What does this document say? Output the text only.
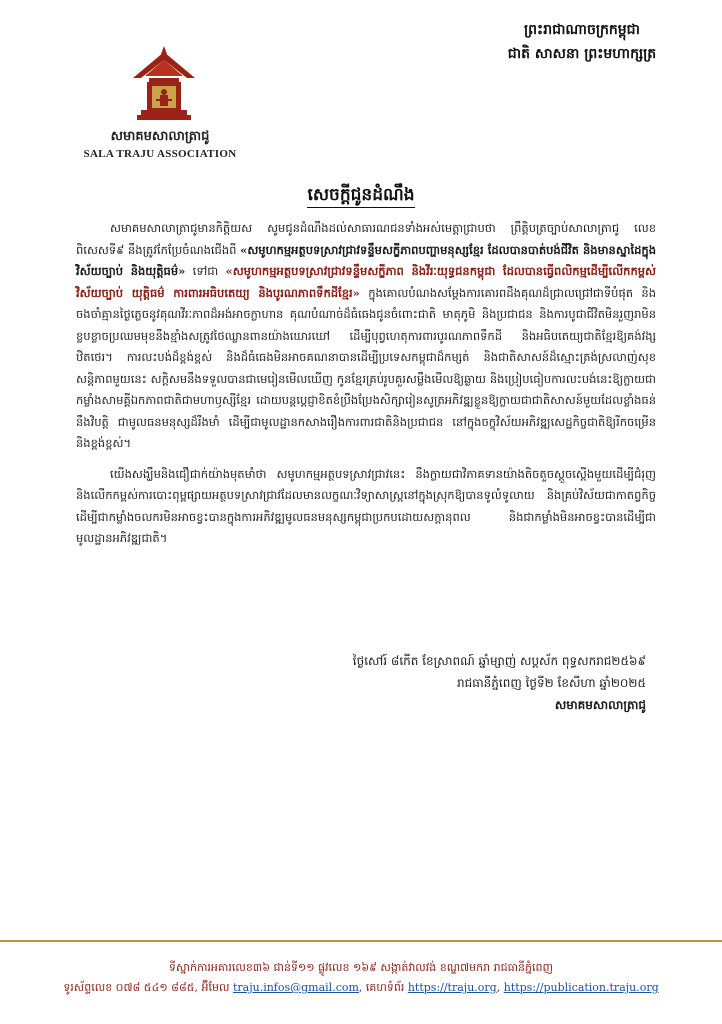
សមាគមសាលាត្រាជូ
SALA TRAJU ASSOCIATION
ព្រះរាជាណាចក្រកម្ពុជា
ជាតិ សាសនា ព្រះមហាក្សត្រ
សេចក្តីជូនដំណឹង

សមាគមសាលាត្រាជូមានកិត្តិយស សូមជូនដំណឹងដល់សាធារណជនទាំងអស់មេត្តាជ្រាបថា ព្រឹត្តិបត្រច្បាប់សាលាត្រាជូ លេខពិសេសទី៩ នឹងត្រូវកែប្រែចំណងជើងពី «សមូហកម្មអត្ថបទស្រាវជ្រាវទន្ទឹមសក្ខីភាពបញ្ហាមនុស្សខ្មែរ ដែលបានបាត់បង់ជីវិត និងមានស្នាដៃក្នុងវិស័យច្បាប់ និងយុត្តិធម៌» ទៅជា «សមូហកម្មអត្ថបទស្រាវជ្រាវទន្ទឹមសក្ខីភាព និងវីរៈយុទ្ធជនកម្ពុជា ដែលបានធ្វើពលិកម្មដើម្បីលើកកម្ពស់វិស័យច្បាប់ យុត្តិធម៌ ការពារអធិបតេយ្យ និងបូរណភាពទឹកដីខ្មែរ» ក្នុងគោលបំណងសម្តែងការគោរពដឹងគុណដ៏ជ្រាលជ្រៅជាទីបំផុត និងចងចាំគ្មានថ្ងៃភ្លេចនូវគុណវីរៈភាពដ៏អង់អាចក្លាហាន គុណបំណាច់ដ៏ធំធេងជូនចំពោះជាតិ មាតុភូមិ និងប្រជាជន និងការបូជាជីវិតមិនរួញរាមិនខ្លបខ្លាចប្រឈមមុខនឹងខ្មាំងសត្រូវថៃឈ្លានពានយ៉ាងឃោរឃៅ ដើម្បីបុព្វហេតុការពារបូរណភាពទឹកដី និងអធិបតេយ្យជាតិខ្មែរឱ្យគង់វង្សឋិតថេរ។ ការលះបង់ដ៏ខ្ពង់ខ្ពស់ និងដ៏ធំធេងមិនអាចគណនាបានដើម្បីប្រទេសកម្ពុជាដ៏កម្សត់ និងជាតិសាសន៍ដ៏ស្មោះត្រង់ស្រលាញ់សុខសន្តិភាពមួយនេះ សក្តិសមនឹងទទួលបានជាមេរៀនមើលឃើញ កូនខ្មែរគ្រប់រូបគួរសម្លឹងមើលឱ្យឆ្ងាយ និងប្រៀបធៀបការលះបង់នេះឱ្យក្លាយជាកម្លាំងសាមគ្គីឯកភាពជាតិជាមហាឫស្សីខ្មែរ ដោយបន្តប្តេជ្ញាខិតខំប្រឹងប្រែងសិក្សារៀនសូត្រអភិវឌ្ឍខ្លួនឱ្យក្លាយជាជាតិសាសន៍មួយដែលខ្លាំងធន់នឹងវិបត្តិ ជាមូលធនមនុស្សដ៏រឹងមាំ ដើម្បីជាមូលដ្ឋានកសាងរឿងការពារជាតិនិងប្រជាជន នៅក្នុងចក្ខុវិស័យអភិវឌ្ឍសេដ្ឋកិច្ចជាតិឱ្យរីកចម្រើន និងខ្ពង់ខ្ពស់។

យើងសង្ឃឹមនិងជឿជាក់យ៉ាងមុតមាំថា សមូហកម្មអត្ថបទស្រាវជ្រាវនេះ នឹងក្លាយជាវិភាគទានយ៉ាងតិចតួចស្តួចស្តើងមួយដើម្បីជំរុញ និងលើកកម្ពស់ការបោះពុម្ពផ្សាយអត្ថបទស្រាវជ្រាវដែលមានលក្ខណៈវិទ្យាសាស្ត្រនៅក្នុងស្រុកឱ្យបានទូលំទូលាយ និងគ្រប់វិស័យជាកាតព្វកិច្ច ដើម្បីជាកម្លាំងចលករមិនអាចខ្វះបានក្នុងការអភិវឌ្ឍមូលធនមនុស្សកម្ពុជាប្រកបដោយសក្តានុពល និងជាកម្លាំងមិនអាចខ្វះបានដើម្បីជាមូលដ្ឋានអភិវឌ្ឍជាតិ។

ថ្ងៃសៅរ៍ ៨កើត ខែស្រាពណ៍ ឆ្នាំម្សាញ់ សប្តស័ក ពុទ្ធសករាជ២៥៦៩
រាជធានីភ្នំពេញ ថ្ងៃទី២ ខែសីហា ឆ្នាំ២០២៥
សមាគមសាលាត្រាជូ
ទីស្នាក់ការអគារលេខ៣៦ ជាន់ទី១១ ផ្លូវលេខ ១៦៩ សង្កាត់វាលវង់ ខណ្ឌ៧មករា រាជធានីភ្នំពេញ
ទូរស័ព្ទលេខ ០៧៨ ៥៤១ ៨៨៥, អ៊ីមែល traju.infos@gmail.com, គេហទំព័រ https://traju.org, https://publication.traju.org
